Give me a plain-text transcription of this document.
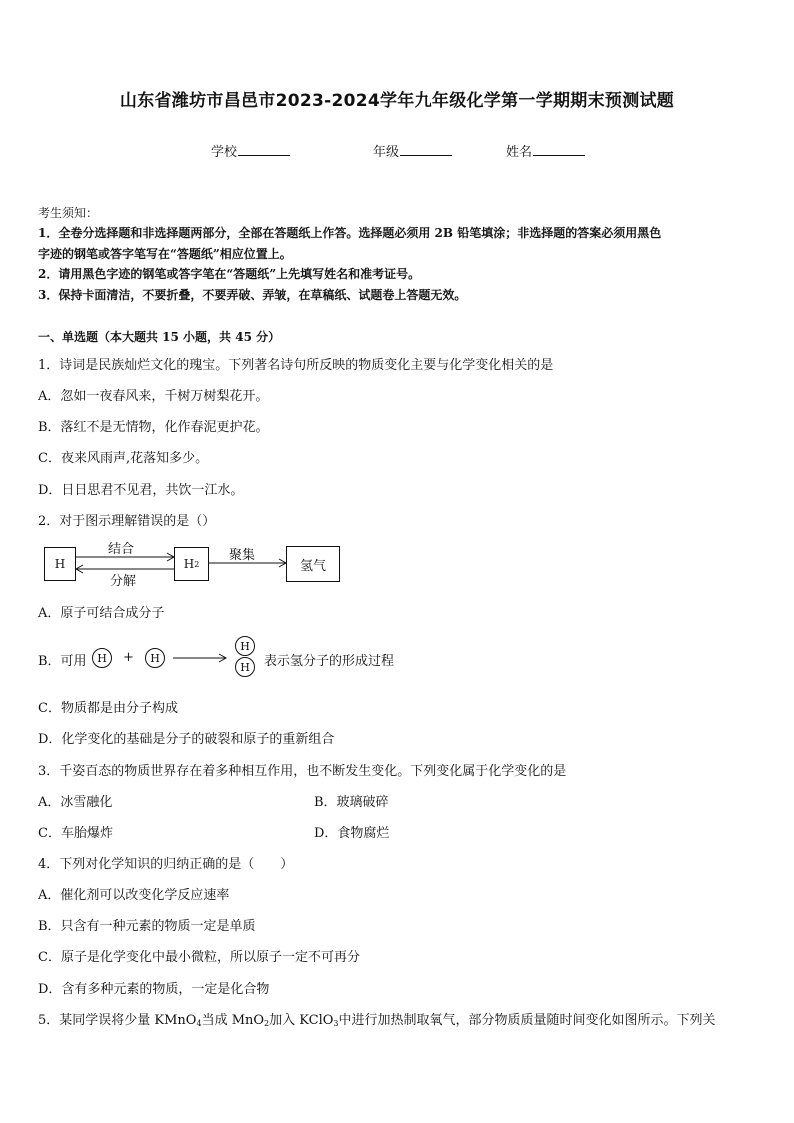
山东省潍坊市昌邑市2023-2024学年九年级化学第一学期期末预测试题
学校	年级	姓名
考生须知：
1．全卷分选择题和非选择题两部分，全部在答题纸上作答。选择题必须用 2B 铅笔填涂；非选择题的答案必须用黑色
字迹的钢笔或答字笔写在“答题纸”相应位置上。
2．请用黑色字迹的钢笔或答字笔在“答题纸”上先填写姓名和准考证号。
3．保持卡面清洁，不要折叠，不要弄破、弄皱，在草稿纸、试题卷上答题无效。
一、单选题（本大题共 15 小题，共 45 分）
1．诗词是民族灿烂文化的瑰宝。下列著名诗句所反映的物质变化主要与化学变化相关的是
A．忽如一夜春风来，千树万树梨花开。
B．落红不是无情物，化作春泥更护花。
C．夜来风雨声,花落知多少。
D．日日思君不见君，共饮一江水。
2．对于图示理解错误的是（）
H	H 2	氢气
结合
分解
聚集
A．原子可结合成分子
B．可用 H + H
H
H 表示氢分子的形成过程
C．物质都是由分子构成
D．化学变化的基础是分子的破裂和原子的重新组合
3．千姿百态的物质世界存在着多种相互作用，也不断发生变化。下列变化属于化学变化的是
A．冰雪融化	B．玻璃破碎
C．车胎爆炸	D．食物腐烂
4．下列对化学知识的归纳正确的是（　　）
A．催化剂可以改变化学反应速率
B．只含有一种元素的物质一定是单质
C．原子是化学变化中最小微粒，所以原子一定不可再分
D．含有多种元素的物质，一定是化合物
5．某同学误将少量 KMnO$_4$当成 MnO$_2$加入 KClO$_3$中进行加热制取氧气，部分物质质量随时间变化如图所示。下列关
